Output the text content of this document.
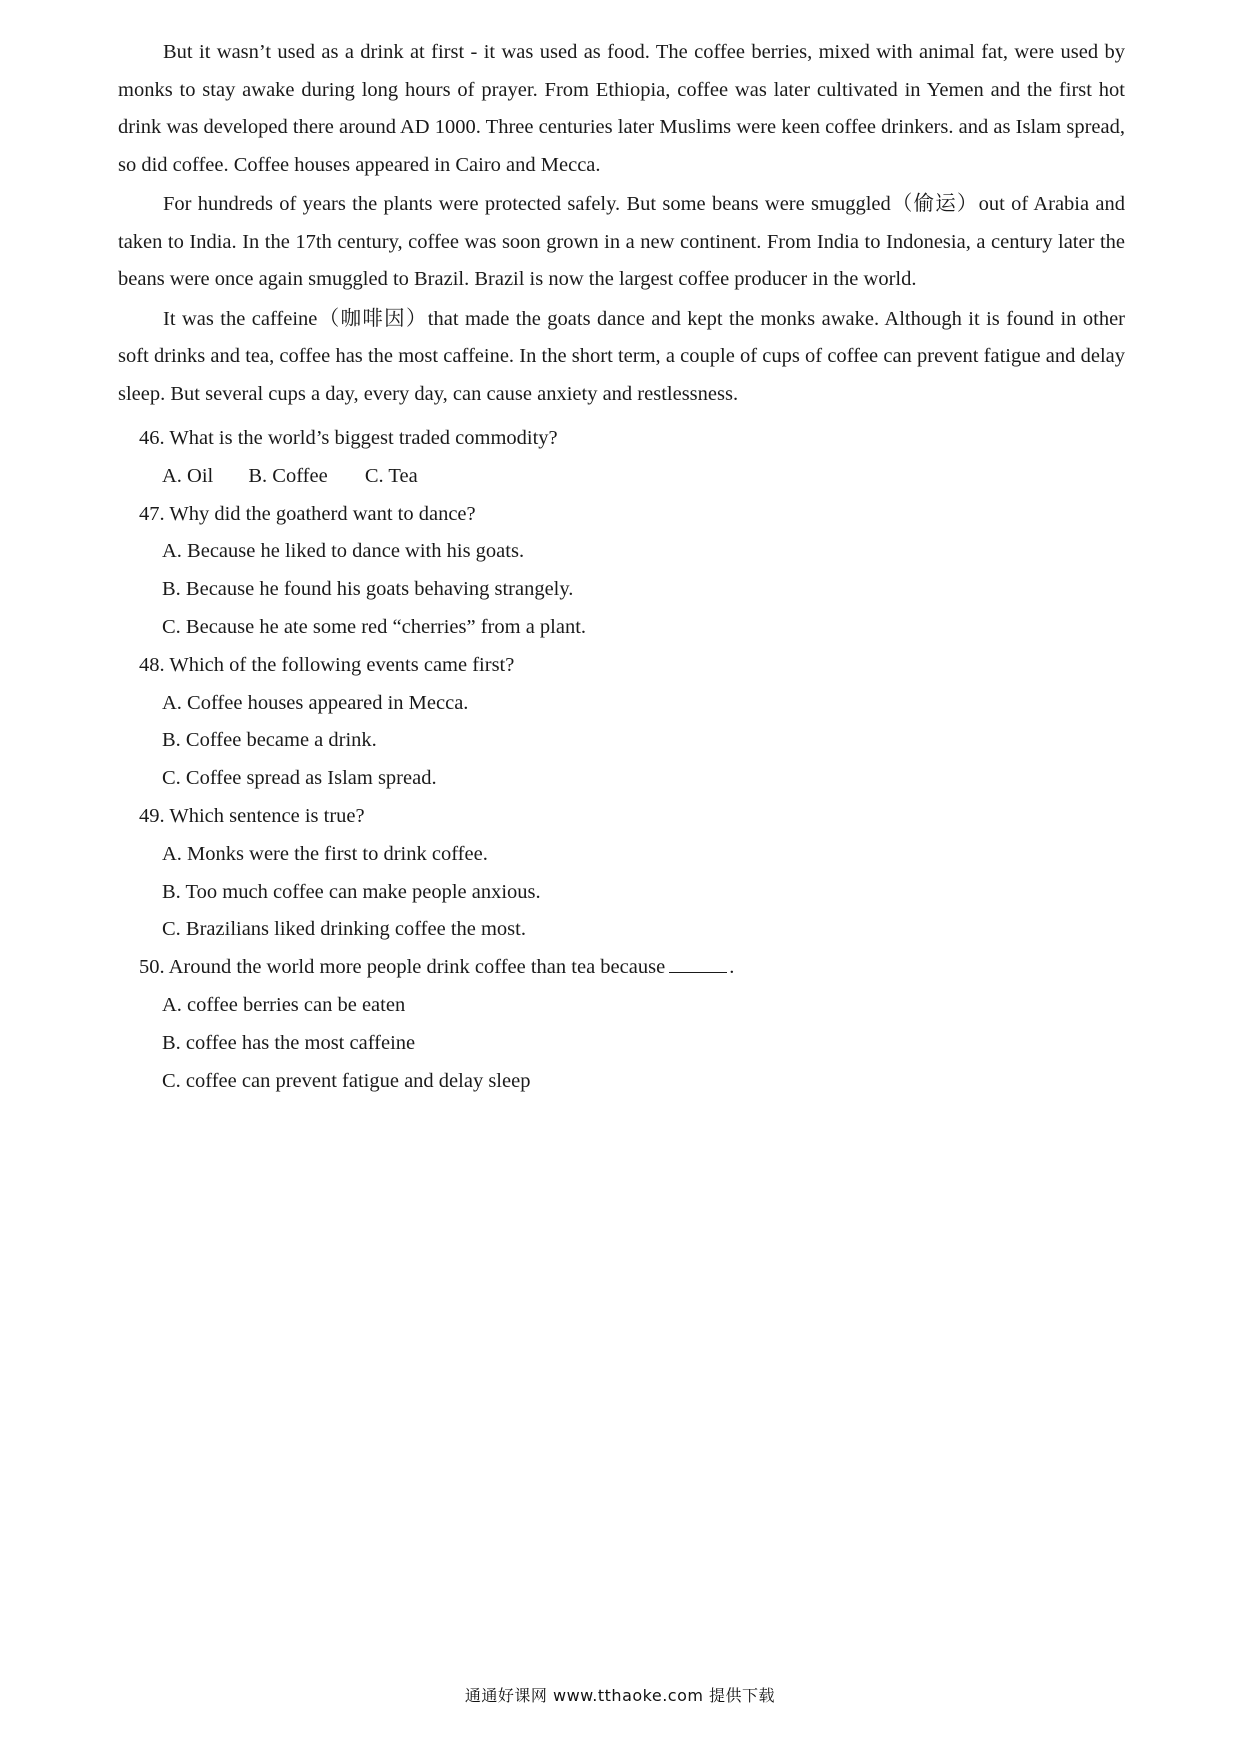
But it wasn’t used as a drink at first - it was used as food. The coffee berries, mixed with animal fat, were used by monks to stay awake during long hours of prayer. From Ethiopia, coffee was later cultivated in Yemen and the first hot drink was developed there around AD 1000. Three centuries later Muslims were keen coffee drinkers. and as Islam spread, so did coffee. Coffee houses appeared in Cairo and Mecca.

For hundreds of years the plants were protected safely. But some beans were smuggled（偷运）out of Arabia and taken to India. In the 17th century, coffee was soon grown in a new continent. From India to Indonesia, a century later the beans were once again smuggled to Brazil. Brazil is now the largest coffee producer in the world.

It was the caffeine（咖啡因）that made the goats dance and kept the monks awake. Although it is found in other soft drinks and tea, coffee has the most caffeine. In the short term, a couple of cups of coffee can prevent fatigue and delay sleep. But several cups a day, every day, can cause anxiety and restlessness.

46. What is the world’s biggest traded commodity?

A. Oil B. Coffee C. Tea

47. Why did the goatherd want to dance?

A. Because he liked to dance with his goats.

B. Because he found his goats behaving strangely.

C. Because he ate some red “cherries” from a plant.

48. Which of the following events came first?

A. Coffee houses appeared in Mecca.

B. Coffee became a drink.

C. Coffee spread as Islam spread.

49. Which sentence is true?

A. Monks were the first to drink coffee.

B. Too much coffee can make people anxious.

C. Brazilians liked drinking coffee the most.

50. Around the world more people drink coffee than tea because	.

A. coffee berries can be eaten

B. coffee has the most caffeine

C. coffee can prevent fatigue and delay sleep

通通好课网 www.tthaoke.com 提供下载
